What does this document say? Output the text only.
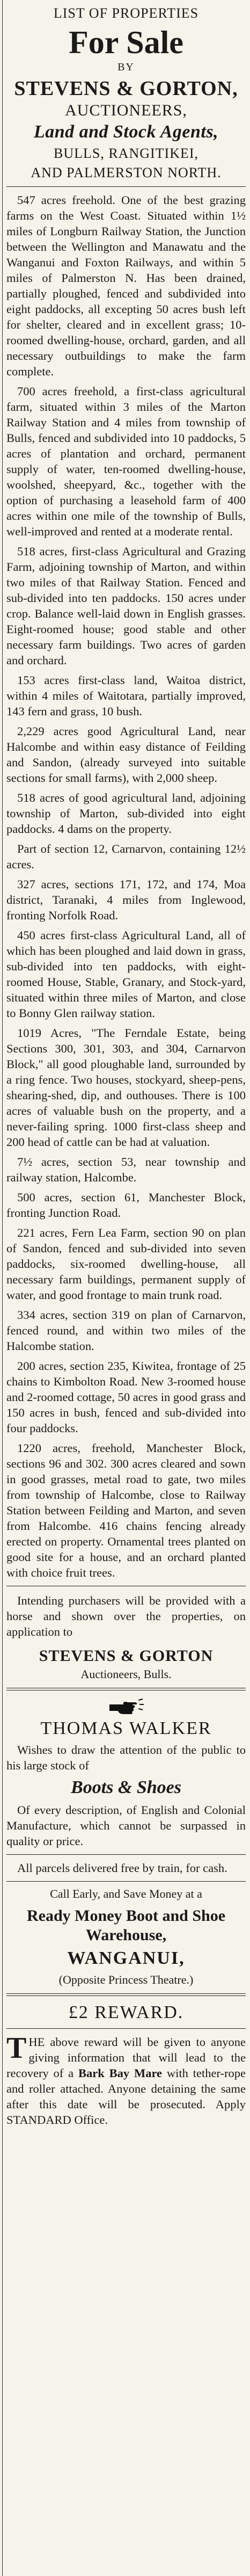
LIST OF PROPERTIES
For Sale
BY
STEVENS & GORTON,
AUCTIONEERS,
Land and Stock Agents,
BULLS, RANGITIKEI,
AND PALMERSTON NORTH.

547 acres freehold. One of the best grazing farms on the West Coast. Situated within 1½ miles of Longburn Railway Station, the Junction between the Wellington and Manawatu and the Wanganui and Foxton Railways, and within 5 miles of Palmerston N. Has been drained, partially ploughed, fenced and subdivided into eight paddocks, all excepting 50 acres bush left for shelter, cleared and in excellent grass; 10-roomed dwelling-house, orchard, garden, and all necessary outbuildings to make the farm complete.

700 acres freehold, a first-class agricultural farm, situated within 3 miles of the Marton Railway Station and 4 miles from township of Bulls, fenced and subdivided into 10 paddocks, 5 acres of plantation and orchard, permanent supply of water, ten-roomed dwelling-house, woolshed, sheepyard, &c., together with the option of purchasing a leasehold farm of 400 acres within one mile of the township of Bulls, well-improved and rented at a moderate rental.

518 acres, first-class Agricultural and Grazing Farm, adjoining township of Marton, and within two miles of that Railway Station. Fenced and sub-divided into ten paddocks. 150 acres under crop. Balance well-laid down in English grasses. Eight-roomed house; good stable and other necessary farm buildings. Two acres of garden and orchard.

153 acres first-class land, Waitoa district, within 4 miles of Waitotara, partially improved, 143 fern and grass, 10 bush.

2,229 acres good Agricultural Land, near Halcombe and within easy distance of Feilding and Sandon, (already surveyed into suitable sections for small farms), with 2,000 sheep.

518 acres of good agricultural land, adjoining township of Marton, sub-divided into eight paddocks. 4 dams on the property.

Part of section 12, Carnarvon, containing 12½ acres.

327 acres, sections 171, 172, and 174, Moa district, Taranaki, 4 miles from Inglewood, fronting Norfolk Road.

450 acres first-class Agricultural Land, all of which has been ploughed and laid down in grass, sub-divided into ten paddocks, with eight-roomed House, Stable, Granary, and Stock-yard, situated within three miles of Marton, and close to Bonny Glen railway station.

1019 Acres, "The Ferndale Estate, being Sections 300, 301, 303, and 304, Carnarvon Block," all good ploughable land, surrounded by a ring fence. Two houses, stockyard, sheep-pens, shearing-shed, dip, and outhouses. There is 100 acres of valuable bush on the property, and a never-failing spring. 1000 first-class sheep and 200 head of cattle can be had at valuation.

7½ acres, section 53, near township and railway station, Halcombe.

500 acres, section 61, Manchester Block, fronting Junction Road.

221 acres, Fern Lea Farm, section 90 on plan of Sandon, fenced and sub-divided into seven paddocks, six-roomed dwelling-house, all necessary farm buildings, permanent supply of water, and good frontage to main trunk road.

334 acres, section 319 on plan of Carnarvon, fenced round, and within two miles of the Halcombe station.

200 acres, section 235, Kiwitea, frontage of 25 chains to Kimbolton Road. New 3-roomed house and 2-roomed cottage, 50 acres in good grass and 150 acres in bush, fenced and sub-divided into four paddocks.

1220 acres, freehold, Manchester Block, sections 96 and 302. 300 acres cleared and sown in good grasses, metal road to gate, two miles from township of Halcombe, close to Railway Station between Feilding and Marton, and seven from Halcombe. 416 chains fencing already erected on property. Ornamental trees planted on good site for a house, and an orchard planted with choice fruit trees.

Intending purchasers will be provided with a horse and shown over the properties, on application to

STEVENS & GORTON
Auctioneers, Bulls.
THOMAS WALKER

Wishes to draw the attention of the public to his large stock of

Boots & Shoes

Of every description, of English and Colonial Manufacture, which cannot be surpassed in quality or price.

All parcels delivered free by train, for cash.

Call Early, and Save Money at a
Ready Money Boot and Shoe Warehouse,
WANGANUI,
(Opposite Princess Theatre.)
£2 REWARD.

THE above reward will be given to anyone giving information that will lead to the recovery of a Bark Bay Mare with tether-rope and roller attached. Anyone detaining the same after this date will be prosecuted. Apply STANDARD Office.
